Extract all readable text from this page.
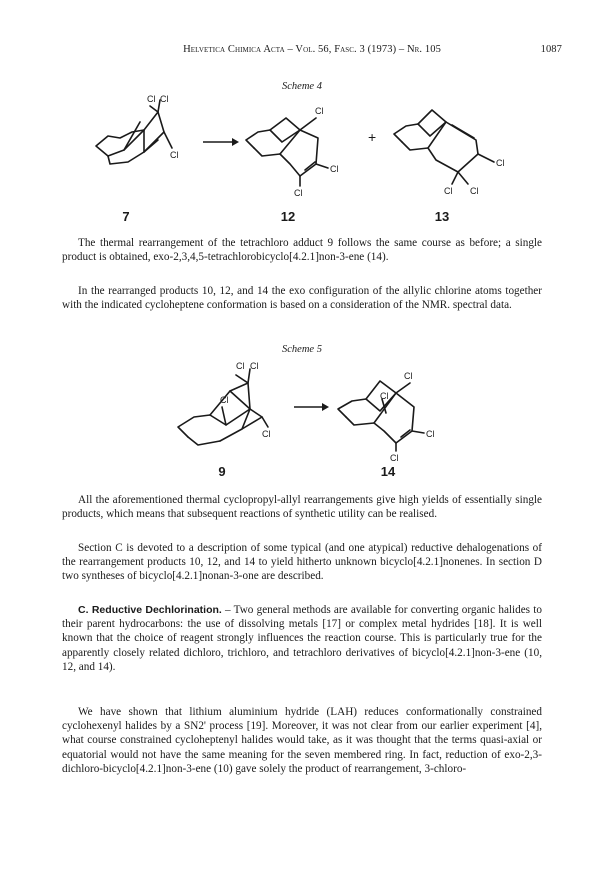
Helvetica Chimica Acta – Vol. 56, Fasc. 3 (1973) – Nr. 105	1087
Scheme 4
Cl Cl
Cl
Cl
Cl
Cl
+
Cl
Cl Cl
7	12	13

The thermal rearrangement of the tetrachloro adduct 9 follows the same course as before; a single product is obtained, exo-2,3,4,5-tetrachlorobicyclo[4.2.1]non-3-ene (14).

In the rearranged products 10, 12, and 14 the exo configuration of the allylic chlorine atoms together with the indicated cycloheptene conformation is based on a consideration of the NMR. spectral data.

Scheme 5
Cl Cl
Cl
Cl
Cl
Cl
Cl
Cl
9	14

All the aforementioned thermal cyclopropyl-allyl rearrangements give high yields of essentially single products, which means that subsequent reactions of synthetic utility can be realised.

Section C is devoted to a description of some typical (and one atypical) reductive dehalogenations of the rearrangement products 10, 12, and 14 to yield hitherto unknown bicyclo[4.2.1]nonenes. In section D two syntheses of bicyclo[4.2.1]nonan-3-one are described.

C. Reductive Dechlorination. – Two general methods are available for converting organic halides to their parent hydrocarbons: the use of dissolving metals [17] or complex metal hydrides [18]. It is well known that the choice of reagent strongly influences the reaction course. This is particularly true for the apparently closely related dichloro, trichloro, and tetrachloro derivatives of bicyclo[4.2.1]non-3-ene (10, 12, and 14).

We have shown that lithium aluminium hydride (LAH) reduces conformationally constrained cyclohexenyl halides by a SN2' process [19]. Moreover, it was not clear from our earlier experiment [4], what course constrained cycloheptenyl halides would take, as it was thought that the terms quasi-axial or equatorial would not have the same meaning for the seven membered ring. In fact, reduction of exo-2,3-dichloro-bicyclo[4.2.1]non-3-ene (10) gave solely the product of rearrangement, 3-chloro-
